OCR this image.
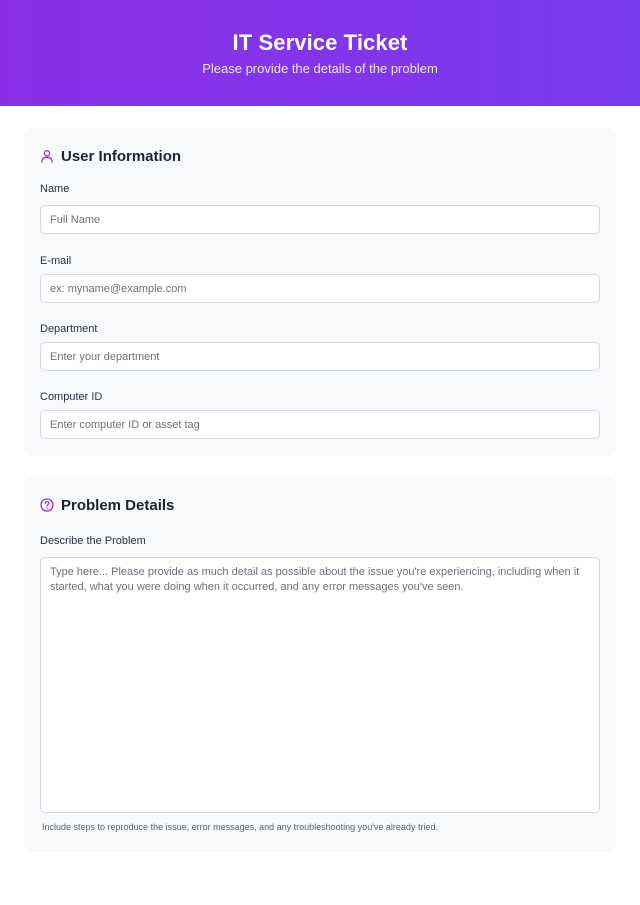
IT Service Ticket

Please provide the details of the problem

User Information
Name
Full Name
E-mail
ex: myname@example.com
Department
Enter your department
Computer ID
Enter computer ID or asset tag
Problem Details
Describe the Problem
Type here... Please provide as much detail as possible about the issue you're experiencing, including when it started, what you were doing when it occurred, and any error messages you've seen.
Include steps to reproduce the issue, error messages, and any troubleshooting you've already tried.
